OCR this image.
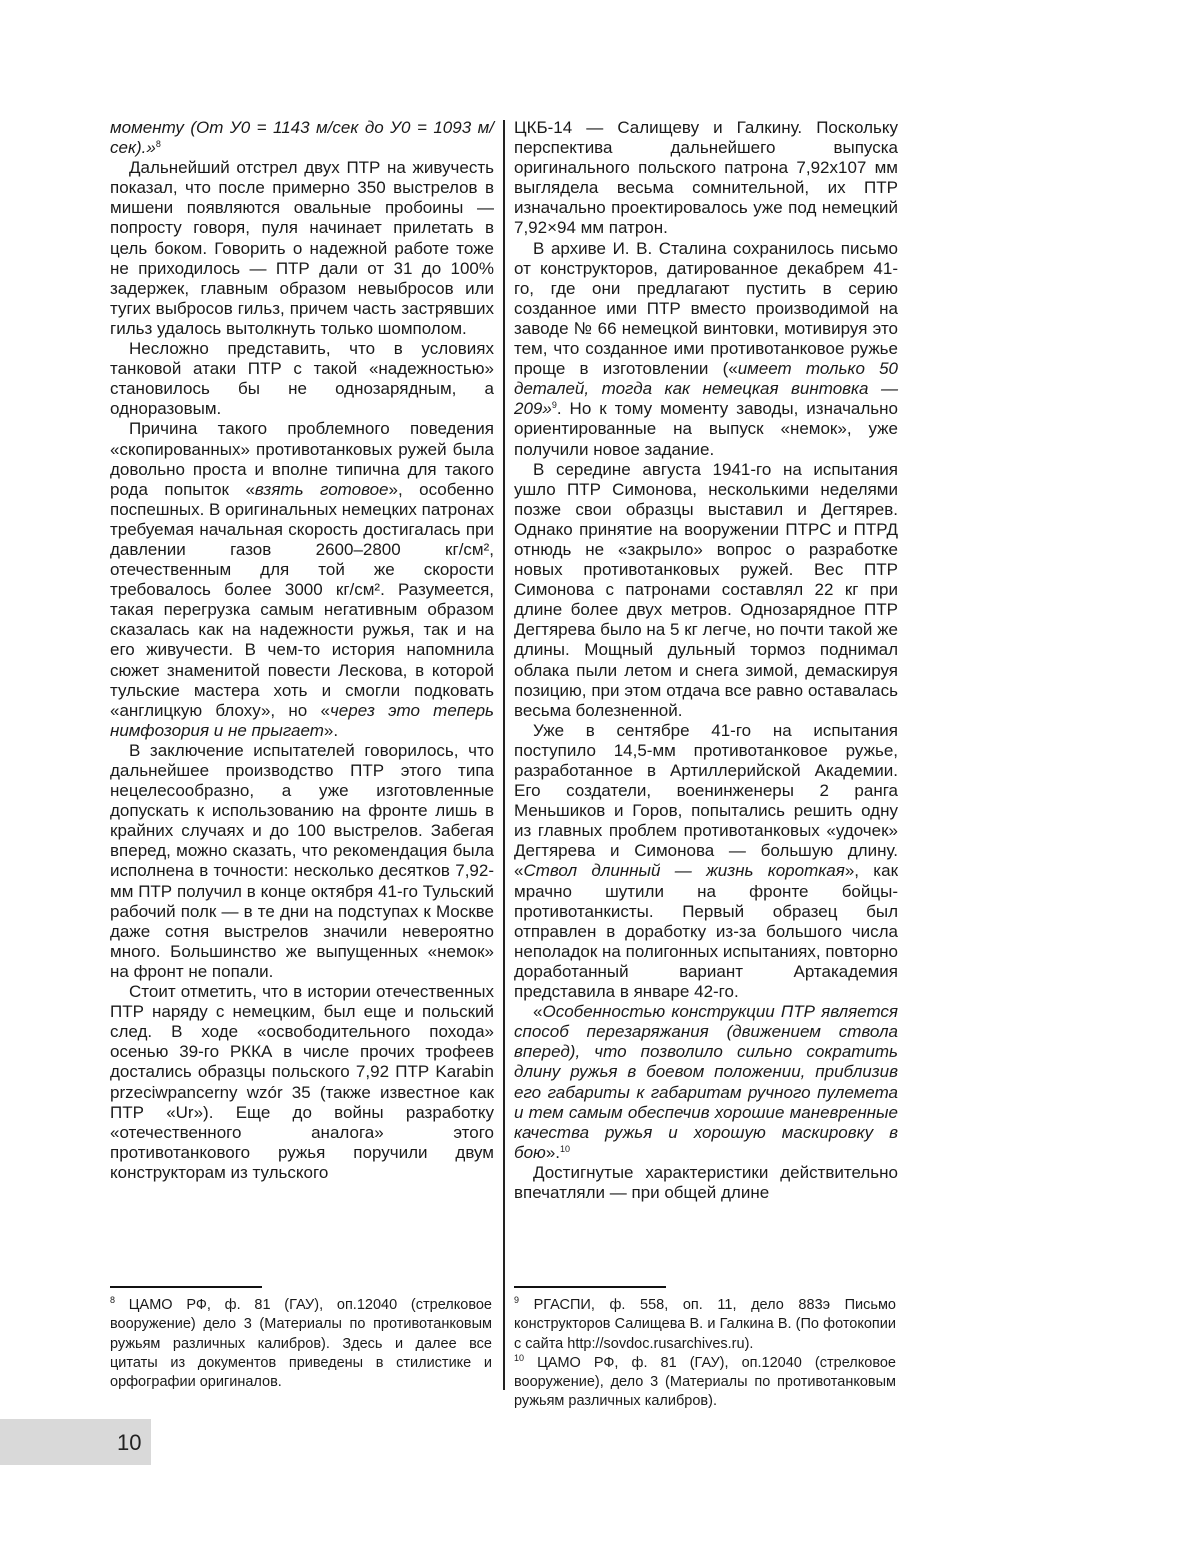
моменту (От У0 = 1143 м/сек до У0 = 1093 м/сек).»$^8$

Дальнейший отстрел двух ПТР на живучесть показал, что после примерно 350 выстрелов в мишени появляются овальные пробоины — попросту говоря, пуля начинает прилетать в цель боком. Говорить о надежной работе тоже не приходилось — ПТР дали от 31 до 100% задержек, главным образом невыбросов или тугих выбросов гильз, причем часть застрявших гильз удалось вытолкнуть только шомполом.

Несложно представить, что в условиях танковой атаки ПТР с такой «надежностью» становилось бы не однозарядным, а одноразовым.

Причина такого проблемного поведения «скопированных» противотанковых ружей была довольно проста и вполне типична для такого рода попыток «взять готовое», особенно поспешных. В оригинальных немецких патронах требуемая начальная скорость достигалась при давлении газов 2600–2800 кг/см², отечественным для той же скорости требовалось более 3000 кг/см². Разумеется, такая перегрузка самым негативным образом сказалась как на надежности ружья, так и на его живучести. В чем-то история напомнила сюжет знаменитой повести Лескова, в которой тульские мастера хоть и смогли подковать «англицкую блоху», но «через это теперь нимфозория и не прыгает».

В заключение испытателей говорилось, что дальнейшее производство ПТР этого типа нецелесообразно, а уже изготовленные допускать к использованию на фронте лишь в крайних случаях и до 100 выстрелов. Забегая вперед, можно сказать, что рекомендация была исполнена в точности: несколько десятков 7,92-мм ПТР получил в конце октября 41-го Тульский рабочий полк — в те дни на подступах к Москве даже сотня выстрелов значили невероятно много. Большинство же выпущенных «немок» на фронт не попали.

Стоит отметить, что в истории отечественных ПТР наряду с немецким, был еще и польский след. В ходе «освободительного похода» осенью 39-го РККА в числе прочих трофеев достались образцы польского 7,92 ПТР Karabin przeciwpancerny wzór 35 (также известное как ПТР «Ur»). Еще до войны разработку «отечественного аналога» этого противотанкового ружья поручили двум конструкторам из тульского

ЦКБ-14 — Салищеву и Галкину. Поскольку перспектива дальнейшего выпуска оригинального польского патрона 7,92х107 мм выглядела весьма сомнительной, их ПТР изначально проектировалось уже под немецкий 7,92×94 мм патрон.

В архиве И. В. Сталина сохранилось письмо от конструкторов, датированное декабрем 41-го, где они предлагают пустить в серию созданное ими ПТР вместо производимой на заводе № 66 немецкой винтовки, мотивируя это тем, что созданное ими противотанковое ружье проще в изготовлении («имеет только 50 деталей, тогда как немецкая винтовка — 209»$^9$. Но к тому моменту заводы, изначально ориентированные на выпуск «немок», уже получили новое задание.

В середине августа 1941-го на испытания ушло ПТР Симонова, несколькими неделями позже свои образцы выставил и Дегтярев. Однако принятие на вооружении ПТРС и ПТРД отнюдь не «закрыло» вопрос о разработке новых противотанковых ружей. Вес ПТР Симонова с патронами составлял 22 кг при длине более двух метров. Однозарядное ПТР Дегтярева было на 5 кг легче, но почти такой же длины. Мощный дульный тормоз поднимал облака пыли летом и снега зимой, демаскируя позицию, при этом отдача все равно оставалась весьма болезненной.

Уже в сентябре 41-го на испытания поступило 14,5-мм противотанковое ружье, разработанное в Артиллерийской Академии. Его создатели, военинженеры 2 ранга Меньшиков и Горов, попытались решить одну из главных проблем противотанковых «удочек» Дегтярева и Симонова — большую длину. «Ствол длинный — жизнь короткая», как мрачно шутили на фронте бойцы-противотанкисты. Первый образец был отправлен в доработку из-за большого числа неполадок на полигонных испытаниях, повторно доработанный вариант Артакадемия представила в январе 42-го.

«Особенностью конструкции ПТР является способ перезаряжания (движением ствола вперед), что позволило сильно сократить длину ружья в боевом положении, приблизив его габариты к габаритам ручного пулемета и тем самым обеспечив хорошие маневренные качества ружья и хорошую маскировку в бою».$^{10}$

Достигнутые характеристики действительно впечатляли — при общей длине

$^8$ ЦАМО РФ, ф. 81 (ГАУ), оп.12040 (стрелковое вооружение) дело 3 (Материалы по противотанковым ружьям различных калибров). Здесь и далее все цитаты из документов приведены в стилистике и орфографии оригиналов.

$^9$ РГАСПИ, ф. 558, оп. 11, дело 883э Письмо конструкторов Салищева В. и Галкина В. (По фотокопии с сайта http://sovdoc.rusarchives.ru).

$^{10}$ ЦАМО РФ, ф. 81 (ГАУ), оп.12040 (стрелковое вооружение), дело 3 (Материалы по противотанковым ружьям различных калибров).

10
